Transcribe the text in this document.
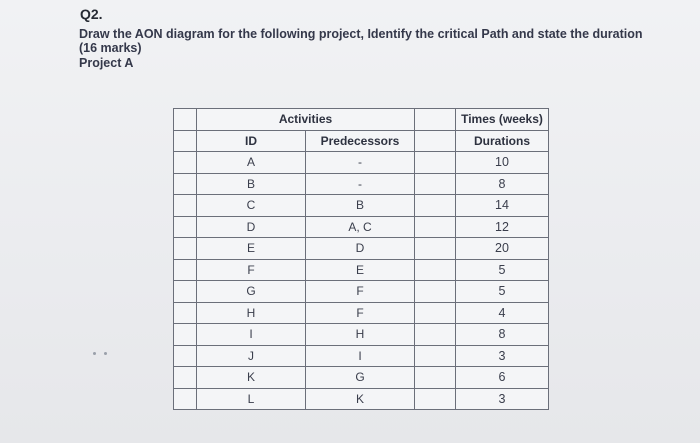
Q2.
Draw the AON diagram for the following project, Identify the critical Path and state the duration
(16 marks)
Project A
	Activities			Times (weeks)
	ID	Predecessors		Durations
	A	-		10
	B	-		8
	C	B		14
	D	A, C		12
	E	D		20
	F	E		5
	G	F		5
	H	F		4
	I	H		8
	J	I		3
	K	G		6
	L	K		3
